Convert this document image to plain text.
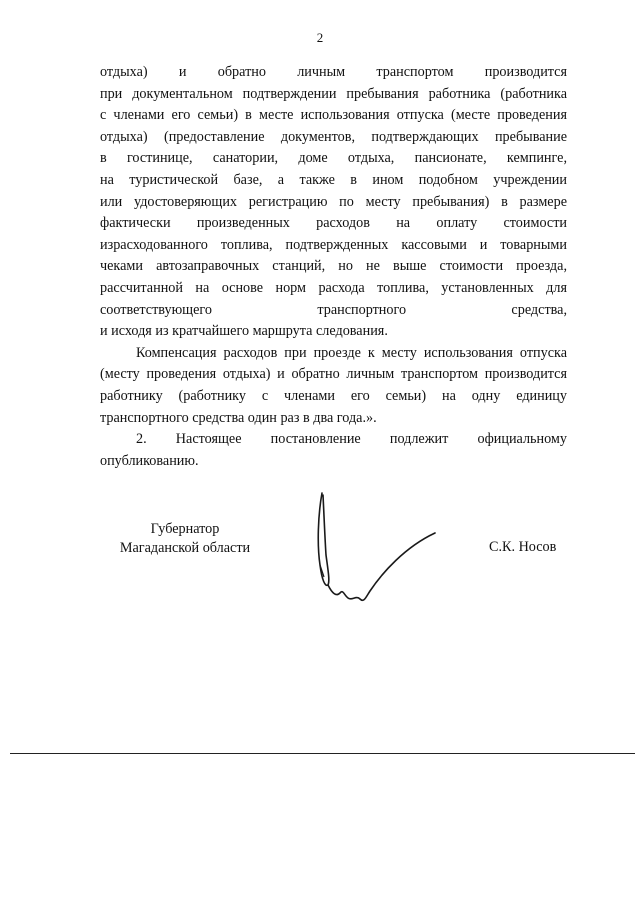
2

отдыха) и обратно личным транспортом производится
при документальном подтверждении пребывания работника (работника
с членами его семьи) в месте использования отпуска (месте проведения
отдыха) (предоставление документов, подтверждающих пребывание
в гостинице, санатории, доме отдыха, пансионате, кемпинге,
на туристической базе, а также в ином подобном учреждении
или удостоверяющих регистрацию по месту пребывания) в размере
фактически произведенных расходов на оплату стоимости
израсходованного топлива, подтвержденных кассовыми и товарными
чеками автозаправочных станций, но не выше стоимости проезда,
рассчитанной на основе норм расхода топлива, установленных для
соответствующего транспортного средства,
и исходя из кратчайшего маршрута следования.

Компенсация расходов при проезде к месту использования отпуска
(месту проведения отдыха) и обратно личным транспортом производится
работнику (работнику с членами его семьи) на одну единицу
транспортного средства один раз в два года.».

2. Настоящее постановление подлежит официальному
опубликованию.

Губернатор
Магаданской области	С.К. Носов
